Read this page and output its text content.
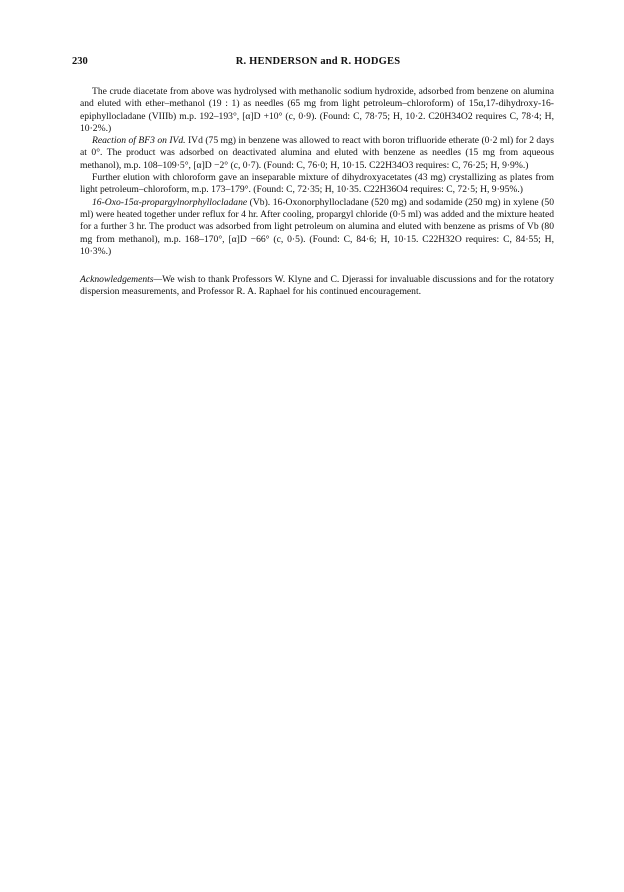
230	R. HENDERSON and R. HODGES

The crude diacetate from above was hydrolysed with methanolic sodium hydroxide, adsorbed from benzene on alumina and eluted with ether–methanol (19 : 1) as needles (65 mg from light petroleum–chloroform) of 15α,17-dihydroxy-16-epiphyllocladane (VIIIb) m.p. 192–193°, [α]D +10° (c, 0·9). (Found: C, 78·75; H, 10·2. C20H34O2 requires C, 78·4; H, 10·2%.)

Reaction of BF3 on IVd. IVd (75 mg) in benzene was allowed to react with boron trifluoride etherate (0·2 ml) for 2 days at 0°. The product was adsorbed on deactivated alumina and eluted with benzene as needles (15 mg from aqueous methanol), m.p. 108–109·5°, [α]D −2° (c, 0·7). (Found: C, 76·0; H, 10·15. C22H34O3 requires: C, 76·25; H, 9·9%.)

Further elution with chloroform gave an inseparable mixture of dihydroxyacetates (43 mg) crystallizing as plates from light petroleum–chloroform, m.p. 173–179°. (Found: C, 72·35; H, 10·35. C22H36O4 requires: C, 72·5; H, 9·95%.)

16-Oxo-15α-propargylnorphyllocladane (Vb). 16-Oxonorphyllocladane (520 mg) and sodamide (250 mg) in xylene (50 ml) were heated together under reflux for 4 hr. After cooling, propargyl chloride (0·5 ml) was added and the mixture heated for a further 3 hr. The product was adsorbed from light petroleum on alumina and eluted with benzene as prisms of Vb (80 mg from methanol), m.p. 168–170°, [α]D −66° (c, 0·5). (Found: C, 84·6; H, 10·15. C22H32O requires: C, 84·55; H, 10·3%.)

Acknowledgements—We wish to thank Professors W. Klyne and C. Djerassi for invaluable discussions and for the rotatory dispersion measurements, and Professor R. A. Raphael for his continued encouragement.
